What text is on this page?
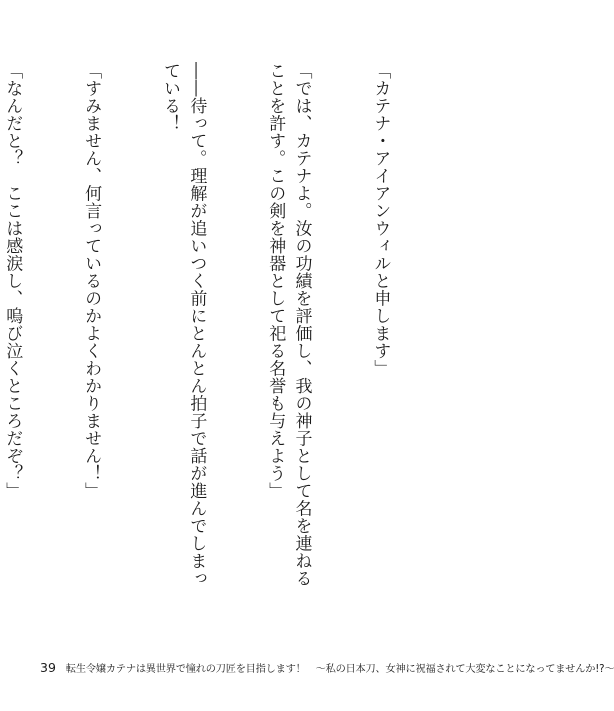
「カテナ・アイアンウィルと申します」

「では、カテナよ。汝の功績を評価し、我の神子として名を連ねることを許す。この剣を神器として祀る名誉も与えよう」

――待って。理解が追いつく前にとんとん拍子で話が進んでしまっている！

「すみません、何言っているのかよくわかりません！」

「なんだと？　ここは感涙し、嗚び泣くところだぞ？」

39 転生令嬢カテナは異世界で憧れの刀匠を目指します！　～私の日本刀、女神に祝福されて大変なことになってませんか!?～
